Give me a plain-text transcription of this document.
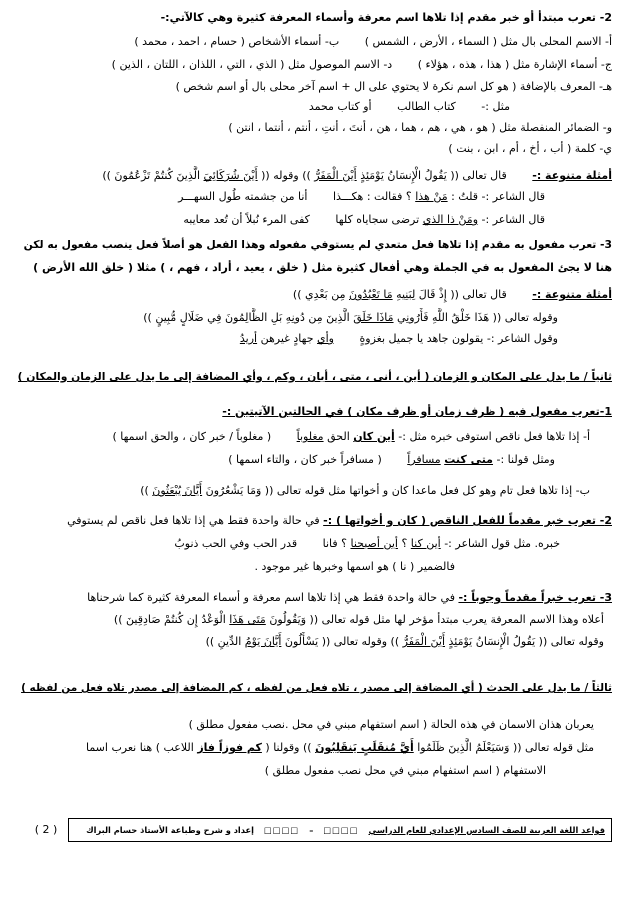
2- تعرب مبتدأ أو خبر مقدم إذا تلاها اسم معرفة وأسماء المعرفة كثيرة وهي كالآتي:-
أ- الاسم المحلى بال مثل ( السماء ، الأرض ، الشمس ) ب- أسماء الأشخاص ( حسام ، احمد ، محمد )
ج- أسماء الإشارة مثل ( هذا ، هذه ، هؤلاء ) د- الاسم الموصول مثل ( الذي ، التي ، اللذان ، اللتان ، الذين )
هـ- المعرف بالإضافة ( هو كل اسم نكرة لا يحتوي على ال + اسم آخر محلى بال أو اسم شخص )
مثل :- كتاب الطالب أو كتاب محمد
و- الضمائر المنفصلة مثل ( هو ، هي ، هم ، هما ، هن ، أنتَ ، أنتِ ، أنتم ، أنتما ، انتن )
ي- كلمة ( أب ، أخ ، أم ، ابن ، بنت )
أمثلة متنوعة :- قال تعالى (( يَقُولُ الْإِنسَانُ يَوْمَئِذٍ أَيْنَ الْمَفَرُّ )) وقوله (( أَيْنَ شُرَكَائِيَ الَّذِينَ كُنتُمْ تَزْعُمُونَ ))
قال الشاعر :- قلتُ : مَنْ هذا ؟ فقالت : هكـــذا أنا من جشمته طُول السهـــر
قال الشاعر :- ومَنْ ذا الذي ترضى سجاياه كلها كفى المرء نُبلاً أن تُعد معايبه
3- تعرب مفعول به مقدم إذا تلاها فعل متعدي لم يستوفي مفعوله وهذا الفعل هو أصلاً فعل ينصب مفعول به لكن
هنا لا يجئ المفعول به في الجملة وهي أفعال كثيرة مثل ( خلق ، يعيد ، أراد ، فهم ، ) مثلا ( خلق الله الأرض )
أمثلة متنوعة :- قال تعالى (( إِذْ قَالَ لِبَنِيهِ مَا تَعْبُدُونَ مِن بَعْدِي ))
وقوله تعالى (( هَذَا خَلْقُ اللَّهِ فَأَرُونِي مَاذَا خَلَقَ الَّذِينَ مِن دُونِهِ بَلِ الظَّالِمُونَ فِي ضَلَالٍ مُّبِينٍ ))
وقول الشاعر :- يقولون جاهد يا جميل بغزوةٍ وأي جهادٍ غيرهن أريدُ
ثانياً / ما يدل على المكان و الزمان ( أين ، أنى ، متى ، أيان ، وكم ، وأي المضافة إلى ما يدل على الزمان والمكان )
1-تعرب مفعول فيه ( ظرف زمان أو ظرف مكان ) في الحالتين الآتيتين :-
أ- إذا تلاها فعل ناقص استوفى خبره مثل :- أين كان الحق مغلوباً ( مغلوباً / خبر كان ، والحق اسمها )
ومثل قولنا :- متى كنت مسافراً ( مسافراً خبر كان ، والتاء اسمها )
ب- إذا تلاها فعل تام وهو كل فعل ماعدا كان و أخواتها مثل قوله تعالى (( وَمَا يَشْعُرُونَ أَيَّانَ يُبْعَثُونَ ))
2- تعرب خبر مقدماً للفعل الناقص ( كان و أخواتها ) :- في حالة واحدة فقط هي إذا تلاها فعل ناقص لم يستوفي
خبره. مثل قول الشاعر :- أين كنا ؟ أين أصبحنا ؟ فانا قدر الحب وفي الحب ذنوبُ
فالضمير ( نا ) هو اسمها وخبرها غير موجود .
3- تعرب خبراً مقدماً وجوباً :- في حالة واحدة فقط هي إذا تلاها اسم معرفة و أسماء المعرفة كثيرة كما شرحناها
أعلاه وهذا الاسم المعرفة يعرب مبتدأ مؤخر لها مثل قوله تعالى (( وَيَقُولُونَ مَتَى هَذَا الْوَعْدُ إِن كُنتُمْ صَادِقِينَ ))
وقوله تعالى (( يَقُولُ الْإِنسَانُ يَوْمَئِذٍ أَيْنَ الْمَفَرُّ )) وقوله تعالى (( يَسْأَلُونَ أَيَّانَ يَوْمُ الدِّينِ ))
ثالثاً / ما يدل على الحدث ( أي المضافة إلى مصدر ، تلاه فعل من لفظه ، كم المضافة إلى مصدر تلاه فعل من لفظه )
يعربان هذان الاسمان في هذه الحالة ( اسم استفهام مبني في محل .نصب مفعول مطلق )
مثل قوله تعالى (( وَسَيَعْلَمُ الَّذِينَ ظَلَمُوا أَيَّ مُنقَلَبٍ يَنقَلِبُونَ )) وقولنا ( كم فوزاً فاز اللاعب ) هنا نعرب اسما
الاستفهام ( اسم استفهام مبني في محل نصب مفعول مطلق )
قواعد اللغة العربية للصف السادس الإعدادي للعام الدراسي
□□□□
–
□□□□
إعداد و شرح وطباعة الأستاذ حسام البراك
( 2 )
